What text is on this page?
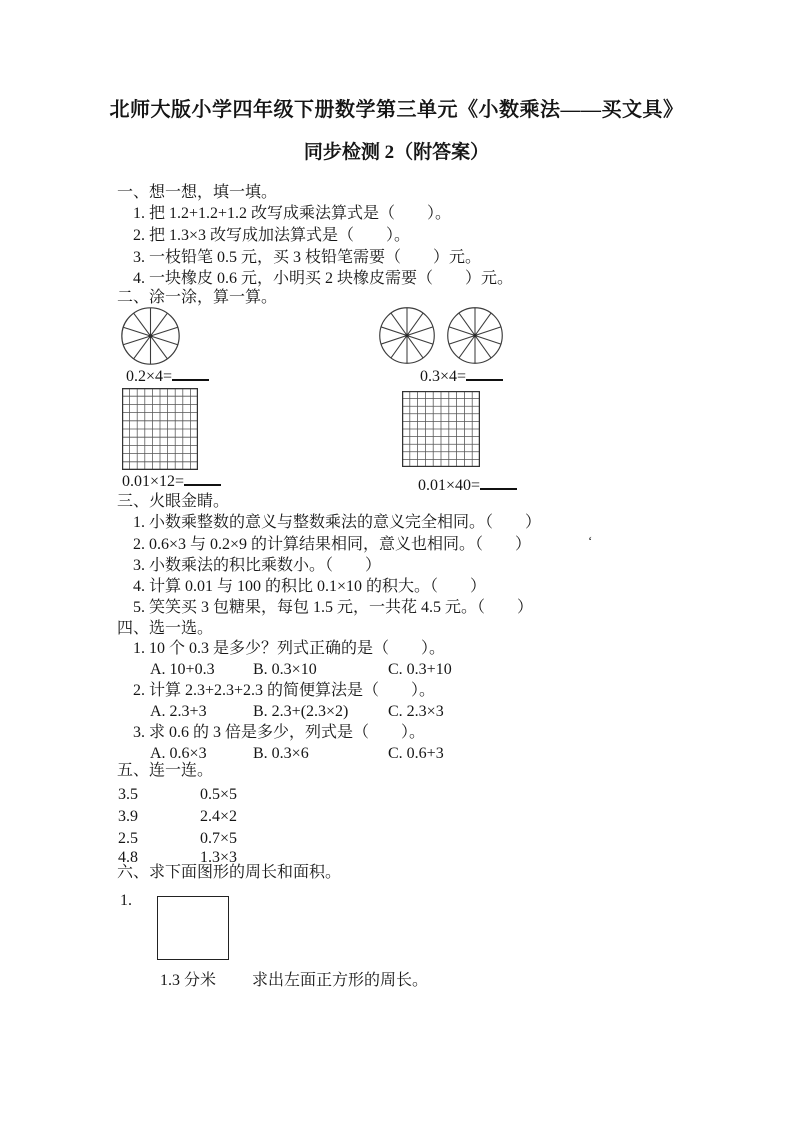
北师大版小学四年级下册数学第三单元《小数乘法——买文具》
同步检测 2（附答案）
一、想一想，填一填。
1. 把 1.2+1.2+1.2 改写成乘法算式是（　　）。
2. 把 1.3×3 改写成加法算式是（　　）。
3. 一枝铅笔 0.5 元，买 3 枝铅笔需要（　　）元。
4. 一块橡皮 0.6 元，小明买 2 块橡皮需要（　　）元。
二、涂一涂，算一算。
0.2×4=	0.3×4=
0.01×12=	0.01×40=
三、火眼金睛。
1. 小数乘整数的意义与整数乘法的意义完全相同。（　　）
2. 0.6×3 与 0.2×9 的计算结果相同，意义也相同。（　　）
3. 小数乘法的积比乘数小。（　　）
4. 计算 0.01 与 100 的积比 0.1×10 的积大。（　　）
5. 笑笑买 3 包糖果，每包 1.5 元，一共花 4.5 元。（　　）
‘
四、选一选。
1. 10 个 0.3 是多少？列式正确的是（　　）。
A. 10+0.3 B. 0.3×10	C. 0.3+10
2. 计算 2.3+2.3+2.3 的简便算法是（　　）。
A. 2.3+3	B. 2.3+(2.3×2) C. 2.3×3
3. 求 0.6 的 3 倍是多少，列式是（　　）。
A. 0.6×3	B. 0.3×6	C. 0.6+3
五、连一连。
3.5	0.5×5
3.9	2.4×2
2.5	0.7×5
4.8	1.3×3
六、求下面图形的周长和面积。
1.
1.3 分米 求出左面正方形的周长。
